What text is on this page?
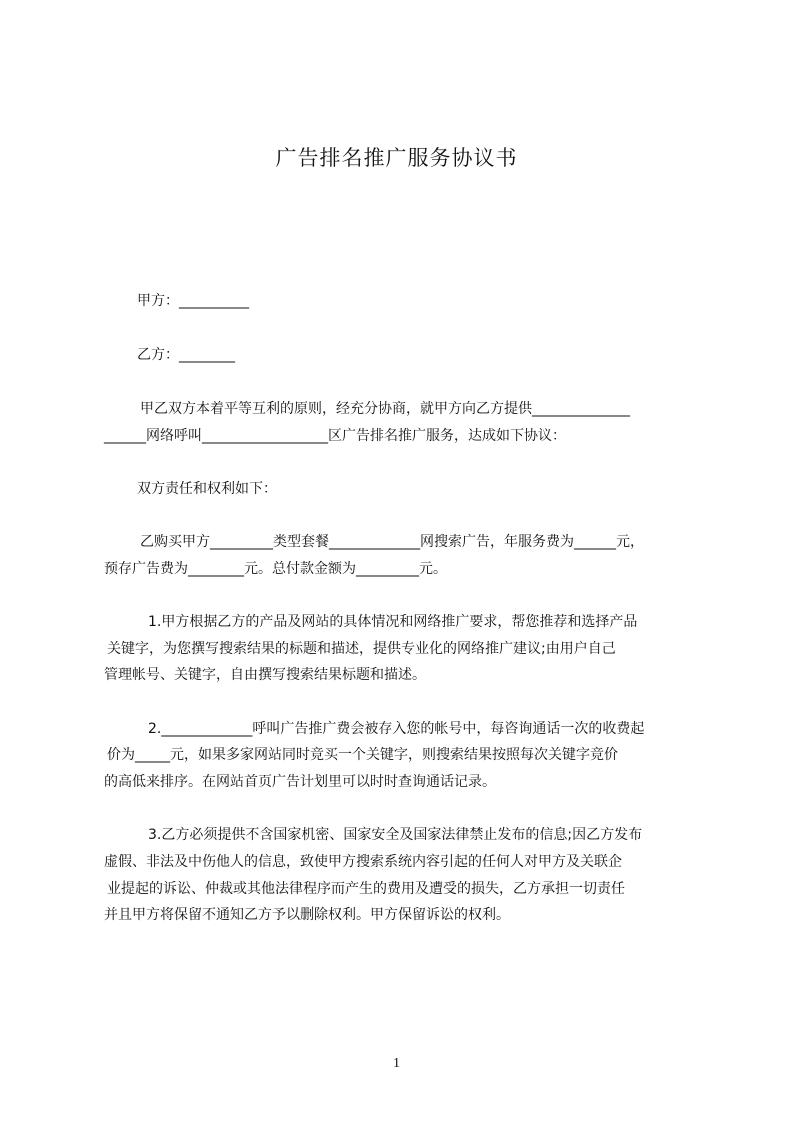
广告排名推广服务协议书
甲方：__________
乙方：________
甲乙双方本着平等互利的原则，经充分协商，就甲方向乙方提供______________
______网络呼叫__________________区广告排名推广服务，达成如下协议：
双方责任和权利如下：
乙购买甲方_________类型套餐_____________网搜索广告，年服务费为______元，
预存广告费为________元。总付款金额为_________元。
1.甲方根据乙方的产品及网站的具体情况和网络推广要求，帮您推荐和选择产品
关键字，为您撰写搜索结果的标题和描述，提供专业化的网络推广建议;由用户自己
管理帐号、关键字，自由撰写搜索结果标题和描述。
2._____________呼叫广告推广费会被存入您的帐号中，每咨询通话一次的收费起
价为_____元，如果多家网站同时竞买一个关键字，则搜索结果按照每次关键字竞价
的高低来排序。在网站首页广告计划里可以时时查询通话记录。
3.乙方必须提供不含国家机密、国家安全及国家法律禁止发布的信息;因乙方发布
虚假、非法及中伤他人的信息，致使甲方搜索系统内容引起的任何人对甲方及关联企
业提起的诉讼、仲裁或其他法律程序而产生的费用及遭受的损失，乙方承担一切责任
并且甲方将保留不通知乙方予以删除权利。甲方保留诉讼的权利。
1
